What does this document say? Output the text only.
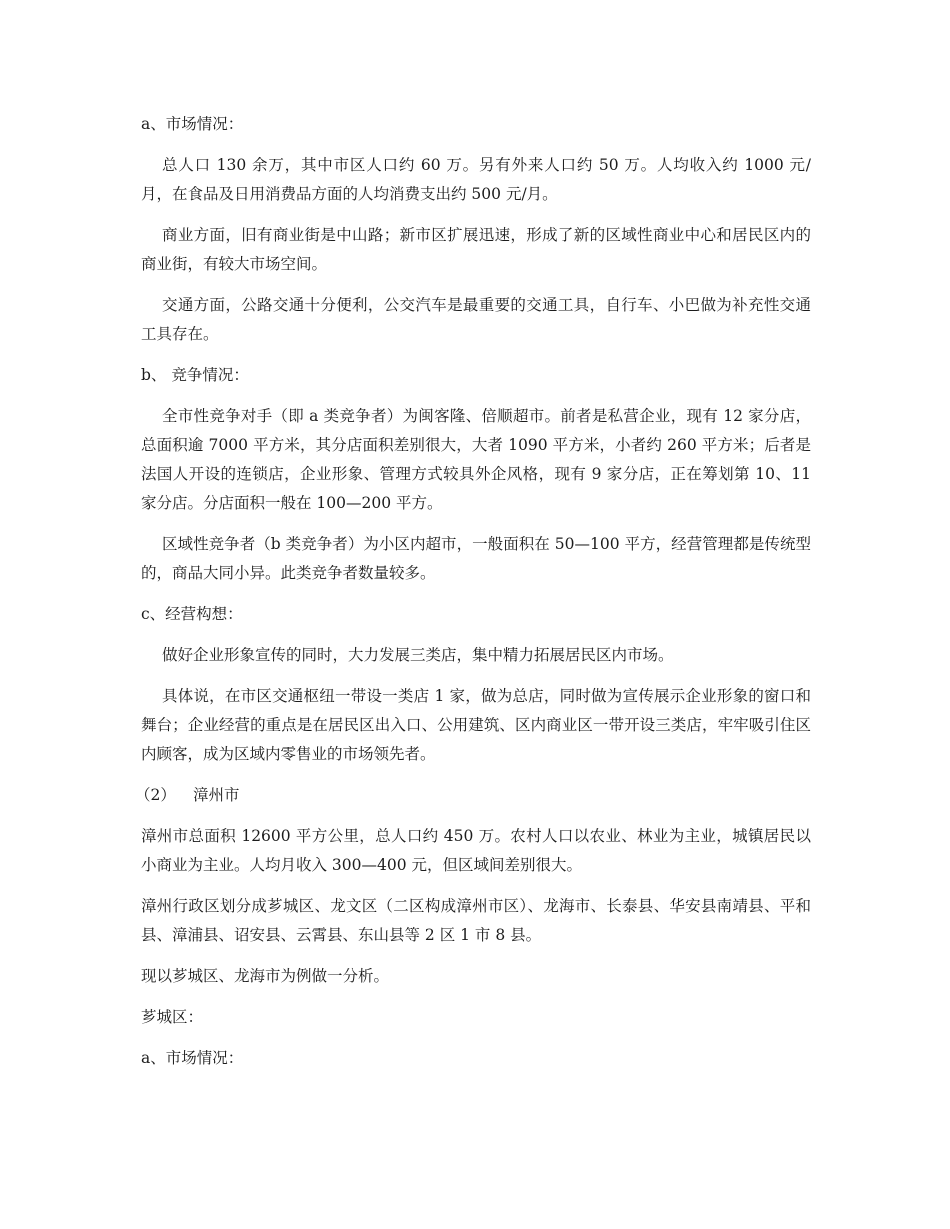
a、市场情况：

总人口 130 余万，其中市区人口约 60 万。另有外来人口约 50 万。人均收入约 1000 元/月，在食品及日用消费品方面的人均消费支出约 500 元/月。

商业方面，旧有商业街是中山路；新市区扩展迅速，形成了新的区域性商业中心和居民区内的商业街，有较大市场空间。

交通方面，公路交通十分便利，公交汽车是最重要的交通工具，自行车、小巴做为补充性交通工具存在。

b、 竞争情况：

全市性竞争对手（即 a 类竞争者）为闽客隆、倍顺超市。前者是私营企业，现有 12 家分店，总面积逾 7000 平方米，其分店面积差别很大，大者 1090 平方米，小者约 260 平方米；后者是法国人开设的连锁店，企业形象、管理方式较具外企风格，现有 9 家分店，正在筹划第 10、11 家分店。分店面积一般在 100—200 平方。

区域性竞争者（b 类竞争者）为小区内超市，一般面积在 50—100 平方，经营管理都是传统型的，商品大同小异。此类竞争者数量较多。

c、经营构想：

做好企业形象宣传的同时，大力发展三类店，集中精力拓展居民区内市场。

具体说，在市区交通枢纽一带设一类店 1 家，做为总店，同时做为宣传展示企业形象的窗口和舞台；企业经营的重点是在居民区出入口、公用建筑、区内商业区一带开设三类店，牢牢吸引住区内顾客，成为区域内零售业的市场领先者。

（2） 漳州市

漳州市总面积 12600 平方公里，总人口约 450 万。农村人口以农业、林业为主业，城镇居民以小商业为主业。人均月收入 300—400 元，但区域间差别很大。

漳州行政区划分成芗城区、龙文区（二区构成漳州市区）、龙海市、长泰县、华安县南靖县、平和县、漳浦县、诏安县、云霄县、东山县等 2 区 1 市 8 县。

现以芗城区、龙海市为例做一分析。

芗城区：

a、市场情况：
